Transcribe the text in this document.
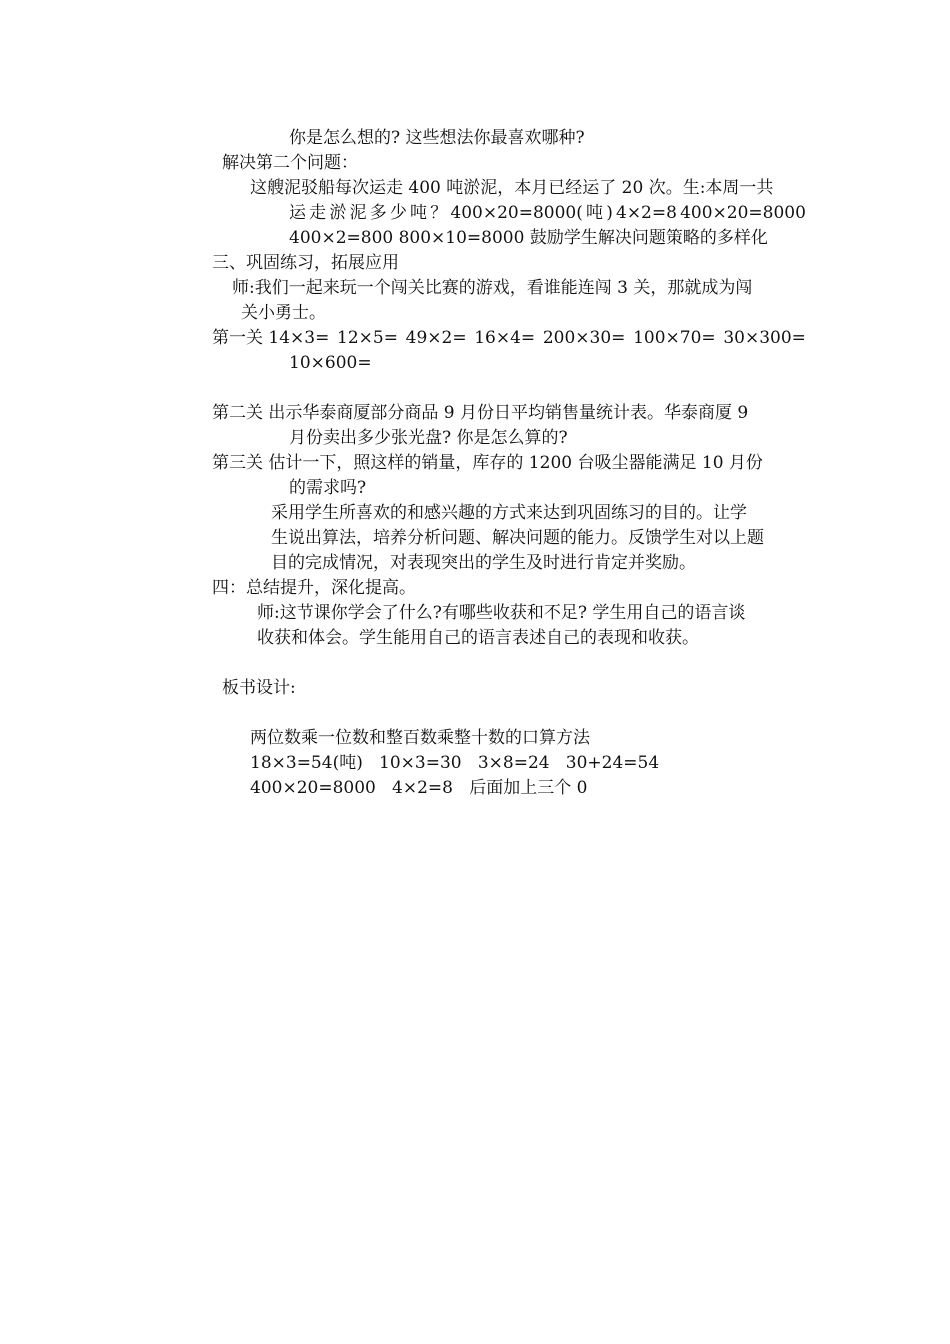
你是怎么想的? 这些想法你最喜欢哪种?
解决第二个问题：
这艘泥驳船每次运走 400 吨淤泥，本月已经运了 20 次。生:本周一共
运 走 淤 泥 多 少 吨 ？ 400×20=8000( 吨 ) 4×2=8 400×20=8000
400×2=800 800×10=8000 鼓励学生解决问题策略的多样化
三、巩固练习，拓展应用
师:我们一起来玩一个闯关比赛的游戏，看谁能连闯 3 关，那就成为闯
关小勇士。
第一关 14×3= 12×5= 49×2= 16×4= 200×30= 100×70= 30×300=
10×600=
第二关 出示华泰商厦部分商品 9 月份日平均销售量统计表。华泰商厦 9
月份卖出多少张光盘? 你是怎么算的?
第三关 估计一下，照这样的销量，库存的 1200 台吸尘器能满足 10 月份
的需求吗?
采用学生所喜欢的和感兴趣的方式来达到巩固练习的目的。让学
生说出算法，培养分析问题、解决问题的能力。反馈学生对以上题
目的完成情况，对表现突出的学生及时进行肯定并奖励。
四：总结提升，深化提高。
师:这节课你学会了什么?有哪些收获和不足? 学生用自己的语言谈
收获和体会。学生能用自己的语言表述自己的表现和收获。
板书设计:
两位数乘一位数和整百数乘整十数的口算方法
18×3=54(吨)   10×3=30   3×8=24   30+24=54
400×20=8000   4×2=8   后面加上三个 0
